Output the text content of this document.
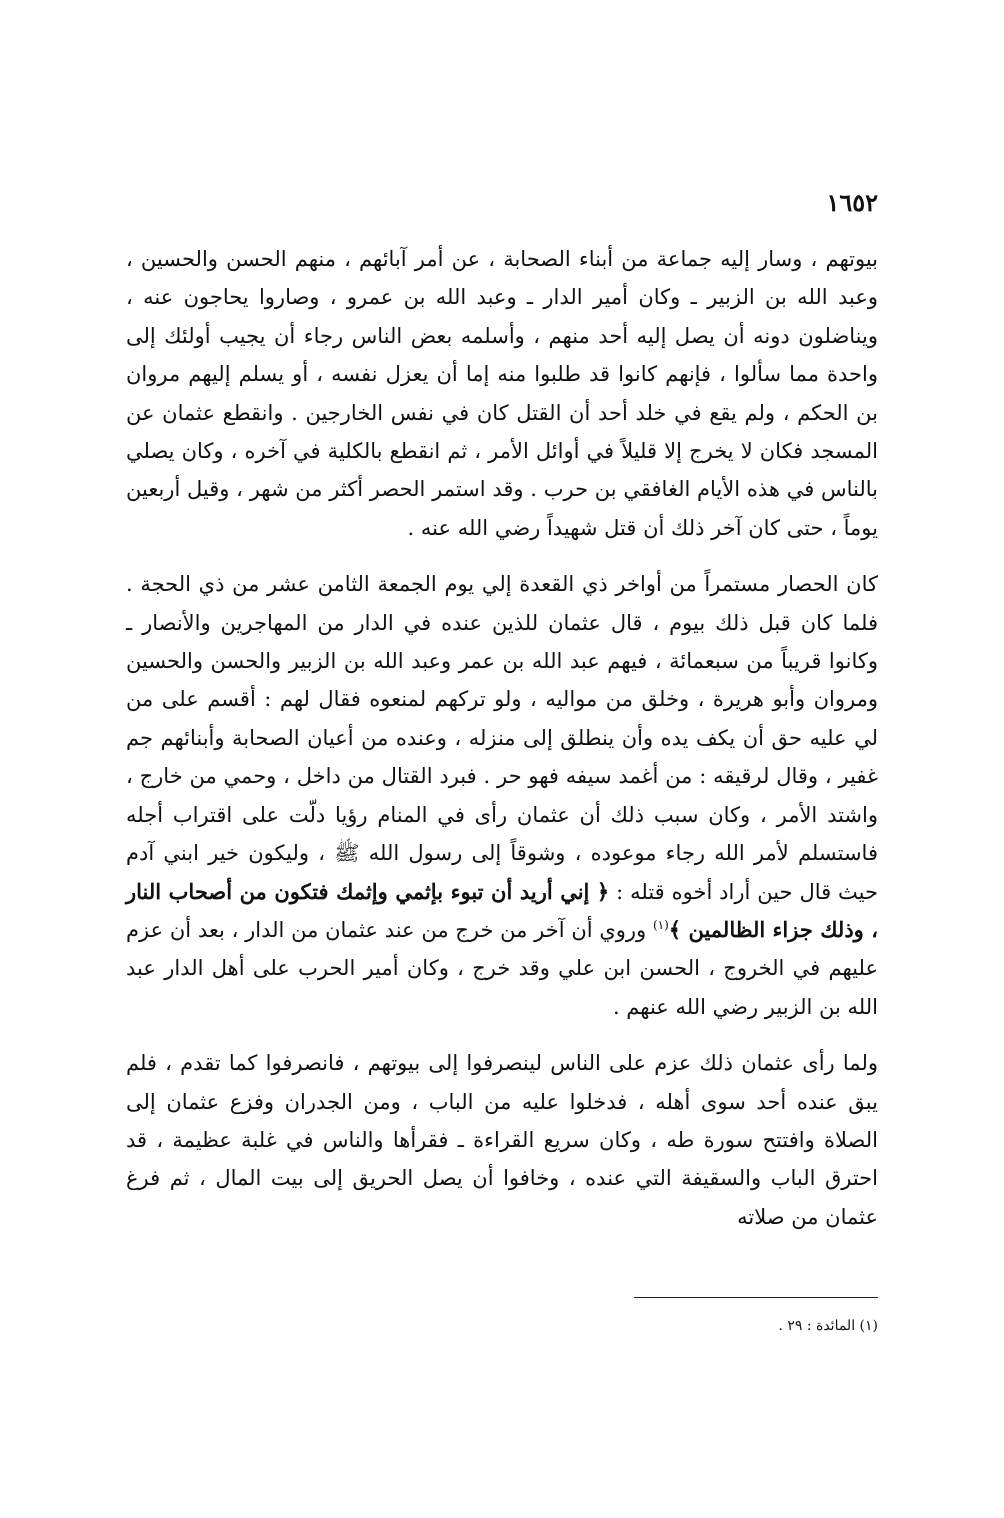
١٦٥٢

بيوتهم ، وسار إليه جماعة من أبناء الصحابة ، عن أمر آبائهم ، منهم الحسن والحسين ، وعبد الله بن الزبير ـ وكان أمير الدار ـ وعبد الله بن عمرو ، وصاروا يحاجون عنه ، ويناضلون دونه أن يصل إليه أحد منهم ، وأسلمه بعض الناس رجاء أن يجيب أولئك إلى واحدة مما سألوا ، فإنهم كانوا قد طلبوا منه إما أن يعزل نفسه ، أو يسلم إليهم مروان بن الحكم ، ولم يقع في خلد أحد أن القتل كان في نفس الخارجين . وانقطع عثمان عن المسجد فكان لا يخرج إلا قليلاً في أوائل الأمر ، ثم انقطع بالكلية في آخره ، وكان يصلي بالناس في هذه الأيام الغافقي بن حرب . وقد استمر الحصر أكثر من شهر ، وقيل أربعين يوماً ، حتى كان آخر ذلك أن قتل شهيداً رضي الله عنه .

كان الحصار مستمراً من أواخر ذي القعدة إلي يوم الجمعة الثامن عشر من ذي الحجة . فلما كان قبل ذلك بيوم ، قال عثمان للذين عنده في الدار من المهاجرين والأنصار ـ وكانوا قريباً من سبعمائة ، فيهم عبد الله بن عمر وعبد الله بن الزبير والحسن والحسين ومروان وأبو هريرة ، وخلق من مواليه ، ولو تركهم لمنعوه فقال لهم : أقسم على من لي عليه حق أن يكف يده وأن ينطلق إلى منزله ، وعنده من أعيان الصحابة وأبنائهم جم غفير ، وقال لرقيقه : من أغمد سيفه فهو حر . فبرد القتال من داخل ، وحمي من خارج ، واشتد الأمر ، وكان سبب ذلك أن عثمان رأى في المنام رؤيا دلّت على اقتراب أجله فاستسلم لأمر الله رجاء موعوده ، وشوقاً إلى رسول الله ﷺ ، وليكون خير ابني آدم حيث قال حين أراد أخوه قتله : ﴿ إني أريد أن تبوء بإثمي وإثمك فتكون من أصحاب النار ، وذلك جزاء الظالمين ﴾$^{(١)}$ وروي أن آخر من خرج من عند عثمان من الدار ، بعد أن عزم عليهم في الخروج ، الحسن ابن علي وقد خرج ، وكان أمير الحرب على أهل الدار عبد الله بن الزبير رضي الله عنهم .

ولما رأى عثمان ذلك عزم على الناس لينصرفوا إلى بيوتهم ، فانصرفوا كما تقدم ، فلم يبق عنده أحد سوى أهله ، فدخلوا عليه من الباب ، ومن الجدران وفزع عثمان إلى الصلاة وافتتح سورة طه ، وكان سريع القراءة ـ فقرأها والناس في غلبة عظيمة ، قد احترق الباب والسقيفة التي عنده ، وخافوا أن يصل الحريق إلى بيت المال ، ثم فرغ عثمان من صلاته

(١) المائدة : ٢٩ .
